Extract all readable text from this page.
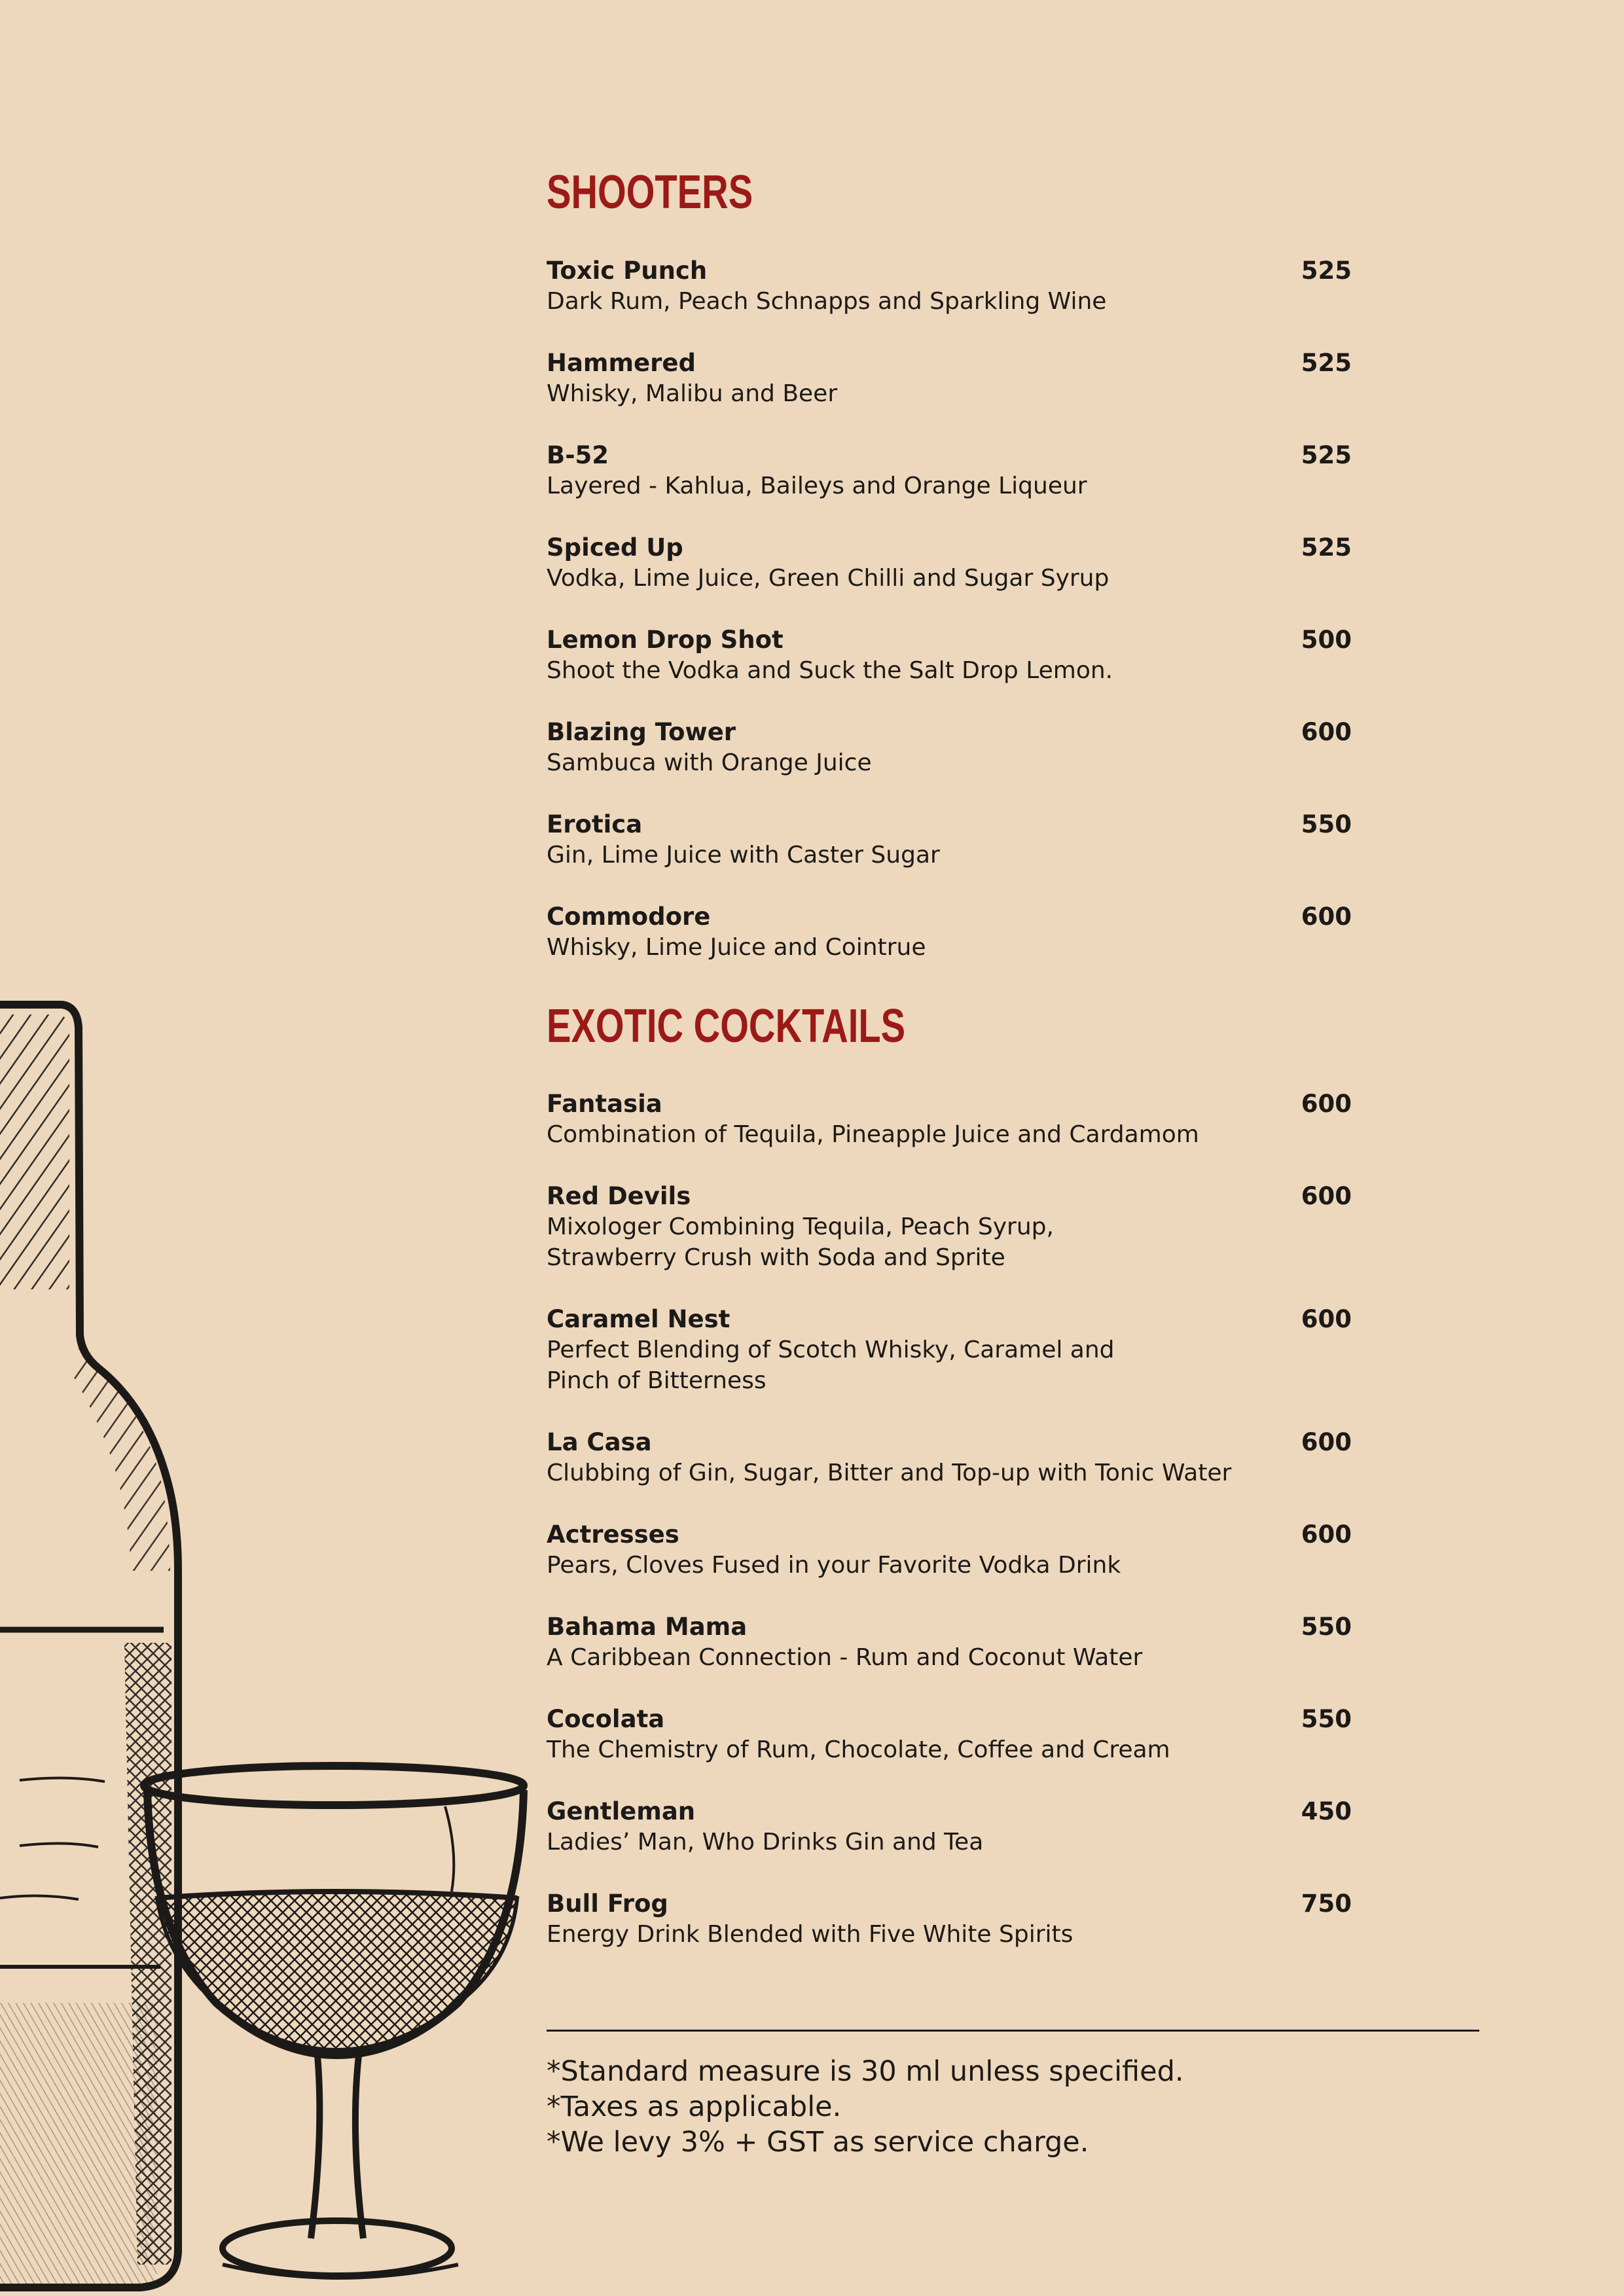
SHOOTERS
Toxic Punch	525
Dark Rum, Peach Schnapps and Sparkling Wine
Hammered	525
Whisky, Malibu and Beer
B-52	525
Layered - Kahlua, Baileys and Orange Liqueur
Spiced Up	525
Vodka, Lime Juice, Green Chilli and Sugar Syrup
Lemon Drop Shot	500
Shoot the Vodka and Suck the Salt Drop Lemon.
Blazing Tower	600
Sambuca with Orange Juice
Erotica	550
Gin, Lime Juice with Caster Sugar
Commodore	600
Whisky, Lime Juice and Cointrue
EXOTIC COCKTAILS
Fantasia	600
Combination of Tequila, Pineapple Juice and Cardamom
Red Devils	600
Mixologer Combining Tequila, Peach Syrup,
Strawberry Crush with Soda and Sprite
Caramel Nest	600
Perfect Blending of Scotch Whisky, Caramel and
Pinch of Bitterness
La Casa	600
Clubbing of Gin, Sugar, Bitter and Top-up with Tonic Water
Actresses	600
Pears, Cloves Fused in your Favorite Vodka Drink
Bahama Mama	550
A Caribbean Connection - Rum and Coconut Water
Cocolata	550
The Chemistry of Rum, Chocolate, Coffee and Cream
Gentleman	450
Ladies’ Man, Who Drinks Gin and Tea
Bull Frog	750
Energy Drink Blended with Five White Spirits
*Standard measure is 30 ml unless specified.
*Taxes as applicable.
*We levy 3% + GST as service charge.
